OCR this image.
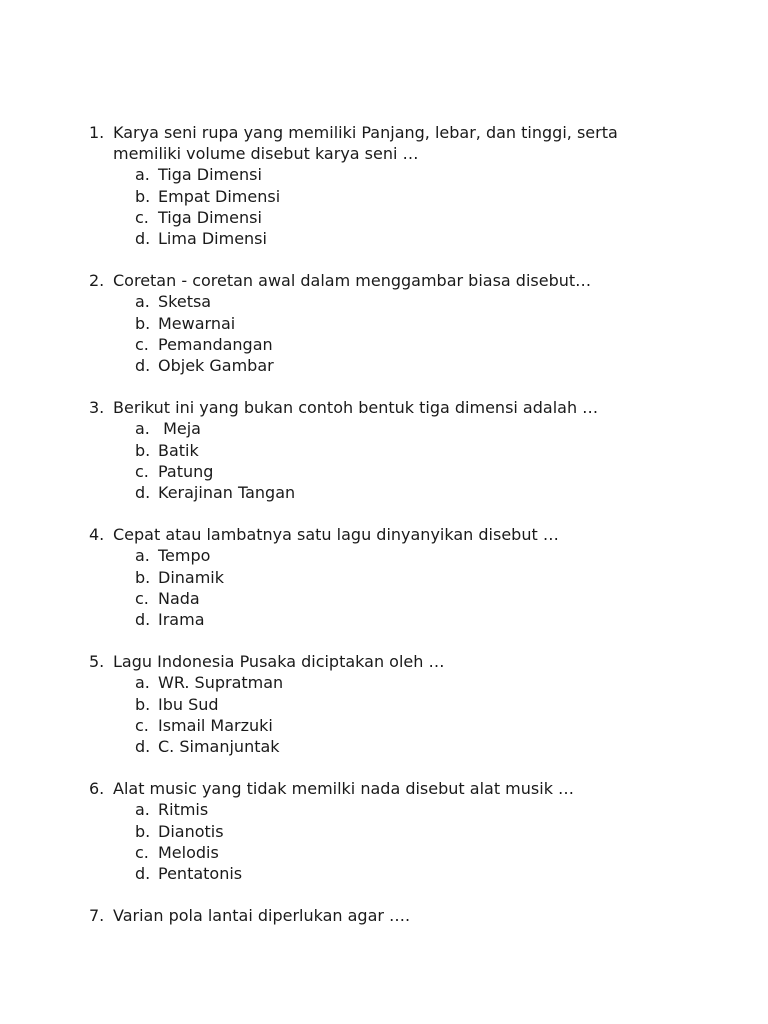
1. Karya seni rupa yang memiliki Panjang, lebar, dan tinggi, serta memiliki volume disebut karya seni …
a. Tiga Dimensi
b. Empat Dimensi
c. Tiga Dimensi
d. Lima Dimensi
2. Coretan - coretan awal dalam menggambar biasa disebut…
a. Sketsa
b. Mewarnai
c. Pemandangan
d. Objek Gambar
3. Berikut ini yang bukan contoh bentuk tiga dimensi adalah …
a. Meja
b. Batik
c. Patung
d. Kerajinan Tangan
4. Cepat atau lambatnya satu lagu dinyanyikan disebut …
a. Tempo
b. Dinamik
c. Nada
d. Irama
5. Lagu Indonesia Pusaka diciptakan oleh …
a. WR. Supratman
b. Ibu Sud
c. Ismail Marzuki
d. C. Simanjuntak
6. Alat music yang tidak memilki nada disebut alat musik …
a. Ritmis
b. Dianotis
c. Melodis
d. Pentatonis
7. Varian pola lantai diperlukan agar ….
